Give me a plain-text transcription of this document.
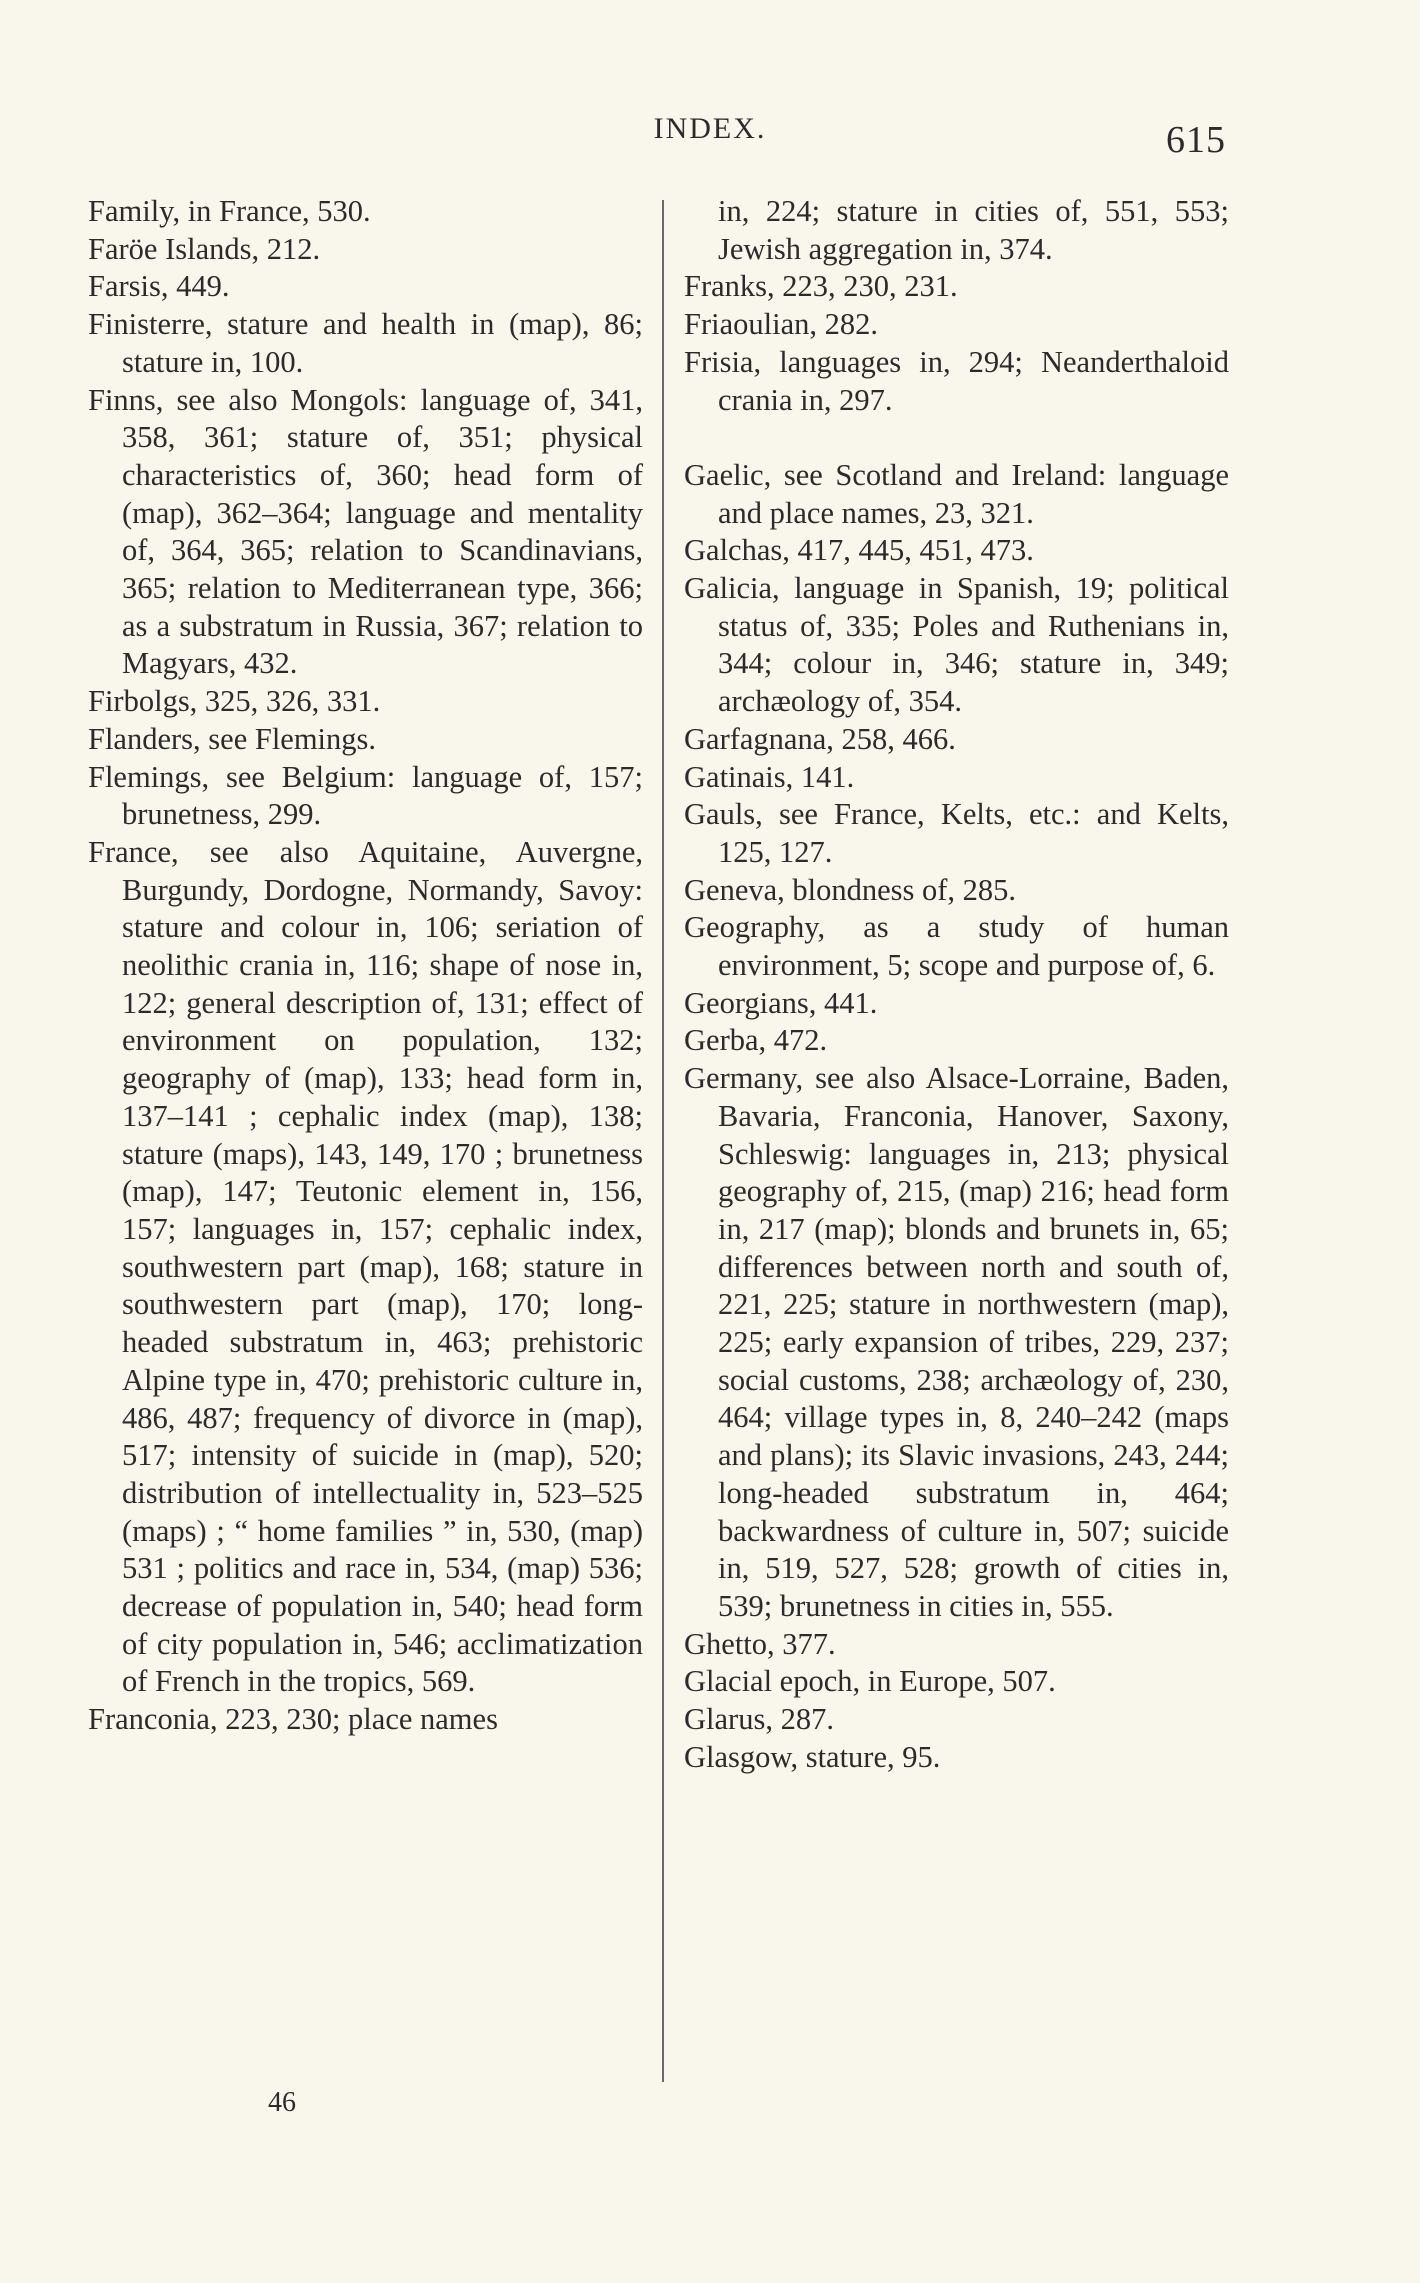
INDEX.	615

Family, in France, 530.

Faröe Islands, 212.

Farsis, 449.

Finisterre, stature and health in (map), 86; stature in, 100.

Finns, see also Mongols: language of, 341, 358, 361; stature of, 351; physical characteristics of, 360; head form of (map), 362–364; language and mentality of, 364, 365; relation to Scandinavians, 365; relation to Mediterranean type, 366; as a substratum in Russia, 367; relation to Magyars, 432.

Firbolgs, 325, 326, 331.

Flanders, see Flemings.

Flemings, see Belgium: language of, 157; brunetness, 299.

France, see also Aquitaine, Auvergne, Burgundy, Dordogne, Normandy, Savoy: stature and colour in, 106; seriation of neolithic crania in, 116; shape of nose in, 122; general description of, 131; effect of environment on population, 132; geography of (map), 133; head form in, 137–141 ; cephalic index (map), 138; stature (maps), 143, 149, 170 ; brunetness (map), 147; Teutonic element in, 156, 157; languages in, 157; cephalic index, southwestern part (map), 168; stature in southwestern part (map), 170; long-headed substratum in, 463; prehistoric Alpine type in, 470; prehistoric culture in, 486, 487; frequency of divorce in (map), 517; intensity of suicide in (map), 520; distribution of intellectuality in, 523–525 (maps) ; “ home families ” in, 530, (map) 531 ; politics and race in, 534, (map) 536; decrease of population in, 540; head form of city population in, 546; acclimatization of French in the tropics, 569.

Franconia, 223, 230; place names

in, 224; stature in cities of, 551, 553; Jewish aggregation in, 374.

Franks, 223, 230, 231.

Friaoulian, 282.

Frisia, languages in, 294; Neanderthaloid crania in, 297.

Gaelic, see Scotland and Ireland: language and place names, 23, 321.

Galchas, 417, 445, 451, 473.

Galicia, language in Spanish, 19; political status of, 335; Poles and Ruthenians in, 344; colour in, 346; stature in, 349; archæology of, 354.

Garfagnana, 258, 466.

Gatinais, 141.

Gauls, see France, Kelts, etc.: and Kelts, 125, 127.

Geneva, blondness of, 285.

Geography, as a study of human environment, 5; scope and purpose of, 6.

Georgians, 441.

Gerba, 472.

Germany, see also Alsace-Lorraine, Baden, Bavaria, Franconia, Hanover, Saxony, Schleswig: languages in, 213; physical geography of, 215, (map) 216; head form in, 217 (map); blonds and brunets in, 65; differences between north and south of, 221, 225; stature in northwestern (map), 225; early expansion of tribes, 229, 237; social customs, 238; archæology of, 230, 464; village types in, 8, 240–242 (maps and plans); its Slavic invasions, 243, 244; long-headed substratum in, 464; backwardness of culture in, 507; suicide in, 519, 527, 528; growth of cities in, 539; brunetness in cities in, 555.

Ghetto, 377.

Glacial epoch, in Europe, 507.

Glarus, 287.

Glasgow, stature, 95.

46
